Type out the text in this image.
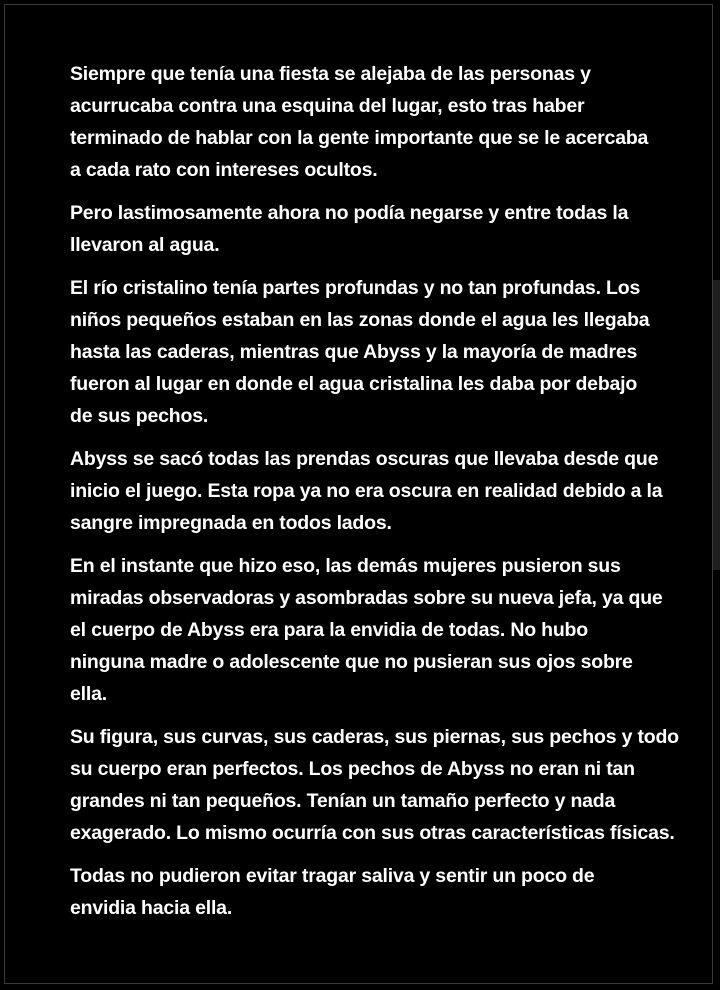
Siempre que tenía una fiesta se alejaba de las personas y
acurrucaba contra una esquina del lugar, esto tras haber
terminado de hablar con la gente importante que se le acercaba
a cada rato con intereses ocultos.

Pero lastimosamente ahora no podía negarse y entre todas la
llevaron al agua.

El río cristalino tenía partes profundas y no tan profundas. Los
niños pequeños estaban en las zonas donde el agua les llegaba
hasta las caderas, mientras que Abyss y la mayoría de madres
fueron al lugar en donde el agua cristalina les daba por debajo
de sus pechos.

Abyss se sacó todas las prendas oscuras que llevaba desde que
inicio el juego. Esta ropa ya no era oscura en realidad debido a la
sangre impregnada en todos lados.

En el instante que hizo eso, las demás mujeres pusieron sus
miradas observadoras y asombradas sobre su nueva jefa, ya que
el cuerpo de Abyss era para la envidia de todas. No hubo
ninguna madre o adolescente que no pusieran sus ojos sobre
ella.

Su figura, sus curvas, sus caderas, sus piernas, sus pechos y todo
su cuerpo eran perfectos. Los pechos de Abyss no eran ni tan
grandes ni tan pequeños. Tenían un tamaño perfecto y nada
exagerado. Lo mismo ocurría con sus otras características físicas.

Todas no pudieron evitar tragar saliva y sentir un poco de
envidia hacia ella.
